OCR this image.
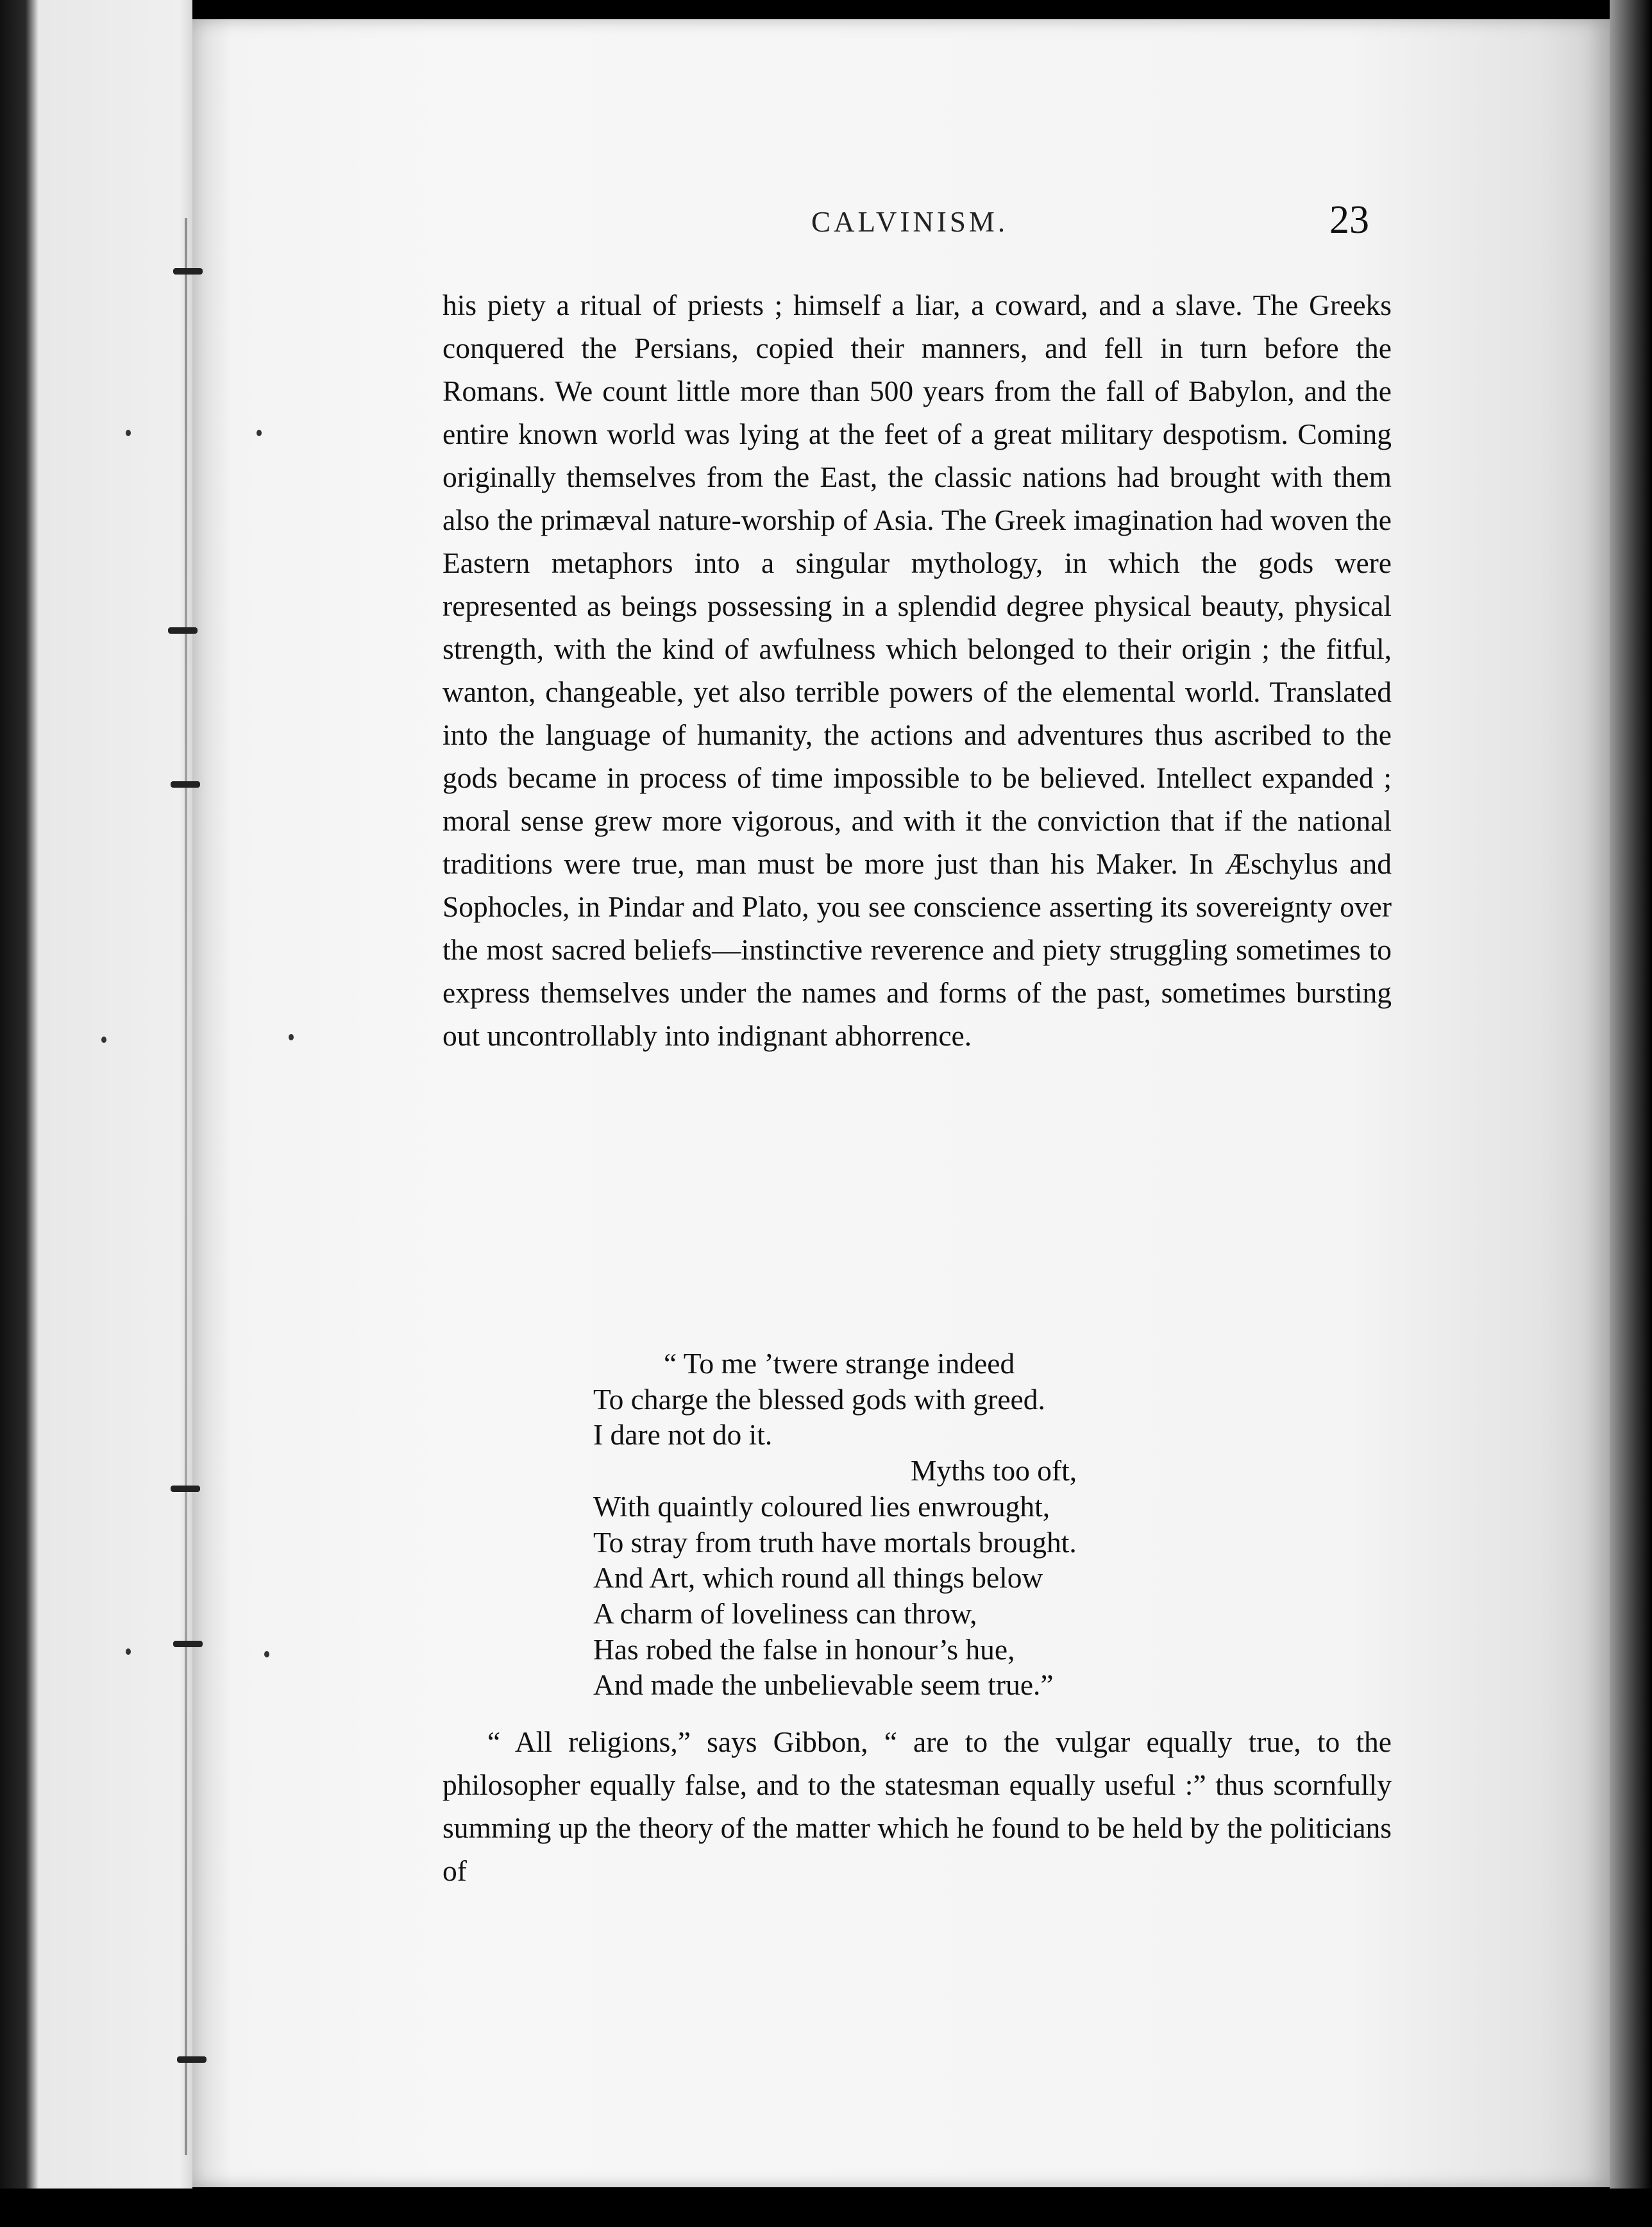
CALVINISM.	23

his piety a ritual of priests ; himself a liar, a coward, and a slave. The Greeks conquered the Persians, copied their manners, and fell in turn before the Romans. We count little more than 500 years from the fall of Babylon, and the entire known world was lying at the feet of a great military despotism. Coming originally themselves from the East, the classic nations had brought with them also the primæval nature-worship of Asia. The Greek imagination had woven the Eastern metaphors into a singular mythology, in which the gods were represented as beings possessing in a splendid degree physical beauty, physical strength, with the kind of awfulness which belonged to their origin ; the fitful, wanton, changeable, yet also terrible powers of the elemental world. Translated into the language of humanity, the actions and adventures thus ascribed to the gods became in process of time impossible to be believed. Intellect expanded ; moral sense grew more vigorous, and with it the conviction that if the national traditions were true, man must be more just than his Maker. In Æschylus and Sophocles, in Pindar and Plato, you see conscience asserting its sovereignty over the most sacred beliefs—instinctive reverence and piety struggling sometimes to express themselves under the names and forms of the past, sometimes bursting out uncontrollably into indignant abhorrence.

“ To me ’twere strange indeed
To charge the blessed gods with greed.
I dare not do it.
Myths too oft,
With quaintly coloured lies enwrought,
To stray from truth have mortals brought.
And Art, which round all things below
A charm of loveliness can throw,
Has robed the false in honour’s hue,
And made the unbelievable seem true.”
“ All religions,” says Gibbon, “ are to the vulgar equally true, to the philosopher equally false, and to the statesman equally useful :” thus scornfully summing up the theory of the matter which he found to be held by the politicians of
